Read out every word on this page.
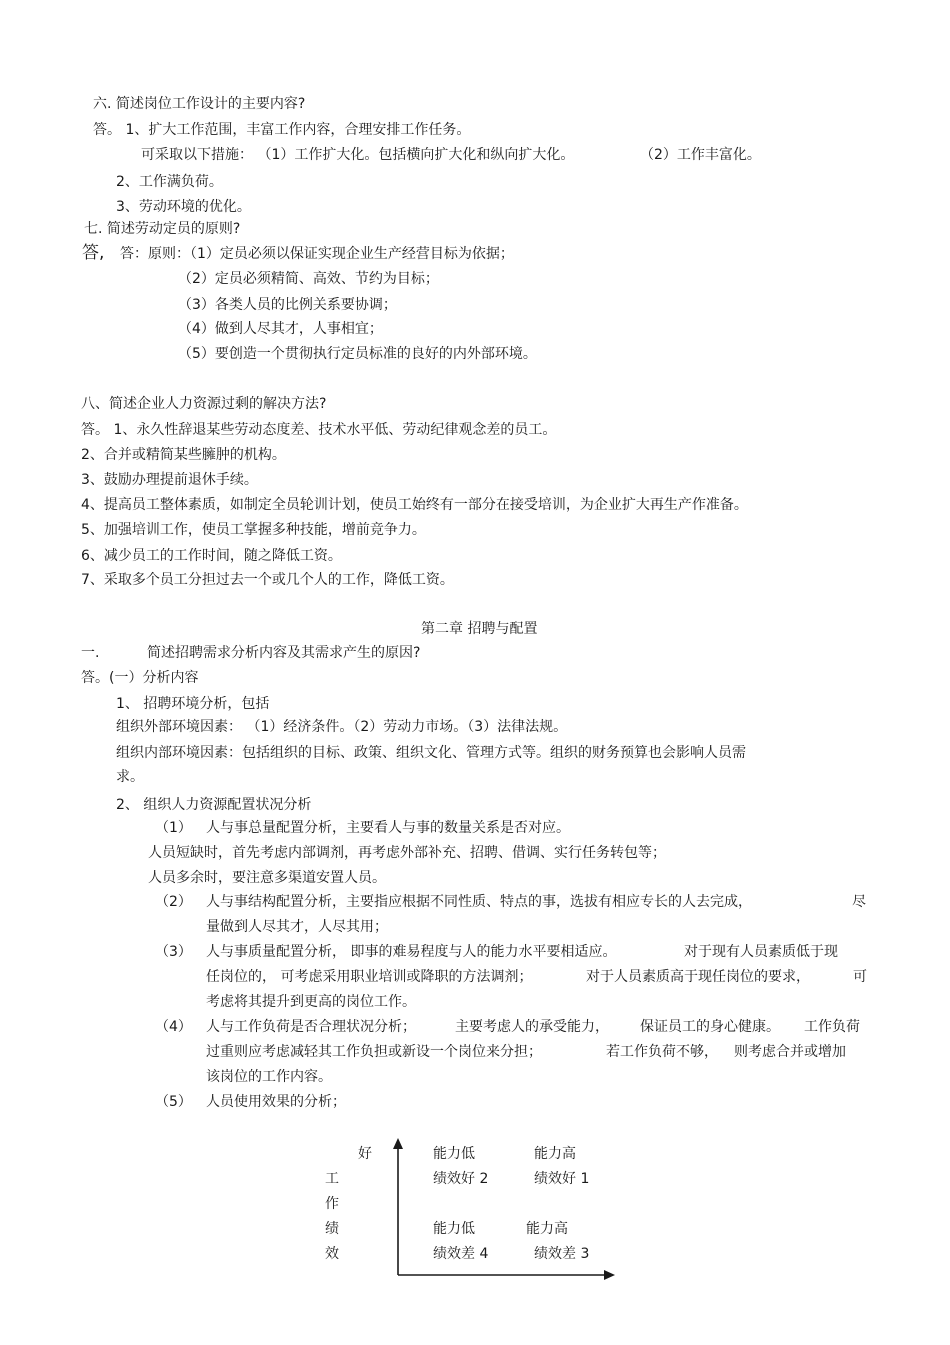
六. 简述岗位工作设计的主要内容?
答。 1、扩大工作范围，丰富工作内容，合理安排工作任务。
可采取以下措施： （1）工作扩大化。包括横向扩大化和纵向扩大化。	（2）工作丰富化。
2、工作满负荷。
3、劳动环境的优化。
七. 简述劳动定员的原则?
答, 答：原则：（1）定员必须以保证实现企业生产经营目标为依据；
（2）定员必须精简、高效、节约为目标；
（3）各类人员的比例关系要协调；
（4）做到人尽其才，人事相宜；
（5）要创造一个贯彻执行定员标准的良好的内外部环境。
八、简述企业人力资源过剩的解决方法?
答。 1、永久性辞退某些劳动态度差、技术水平低、劳动纪律观念差的员工。
2、合并或精简某些臃肿的机构。
3、鼓励办理提前退休手续。
4、提高员工整体素质，如制定全员轮训计划，使员工始终有一部分在接受培训，为企业扩大再生产作准备。
5、加强培训工作，使员工掌握多种技能，增前竞争力。
6、减少员工的工作时间，随之降低工资。
7、采取多个员工分担过去一个或几个人的工作，降低工资。
第二章 招聘与配置
一.	简述招聘需求分析内容及其需求产生的原因?
答。(一）分析内容
1、 招聘环境分析，包括
组织外部环境因素： （1）经济条件。（2）劳动力市场。（3）法律法规。
组织内部环境因素：包括组织的目标、政策、组织文化、管理方式等。组织的财务预算也会影响人员需
求。
2、 组织人力资源配置状况分析
（1） 人与事总量配置分析，主要看人与事的数量关系是否对应。
人员短缺时，首先考虑内部调剂，再考虑外部补充、招聘、借调、实行任务转包等；
人员多余时，要注意多渠道安置人员。
（2） 人与事结构配置分析，主要指应根据不同性质、特点的事，选拔有相应专长的人去完成，	尽
量做到人尽其才，人尽其用；
（3） 人与事质量配置分析， 即事的难易程度与人的能力水平要相适应。	对于现有人员素质低于现
任岗位的， 可考虑采用职业培训或降职的方法调剂；	对于人员素质高于现任岗位的要求，	可
考虑将其提升到更高的岗位工作。
（4） 人与工作负荷是否合理状况分析；	主要考虑人的承受能力， 保证员工的身心健康。 工作负荷
过重则应考虑减轻其工作负担或新设一个岗位来分担；	若工作负荷不够， 则考虑合并或增加
该岗位的工作内容。
（5） 人员使用效果的分析；
好
工
作
绩
效
能力低
绩效好 2
能力高
绩效好 1
能力低
绩效差 4
能力高
绩效差 3
